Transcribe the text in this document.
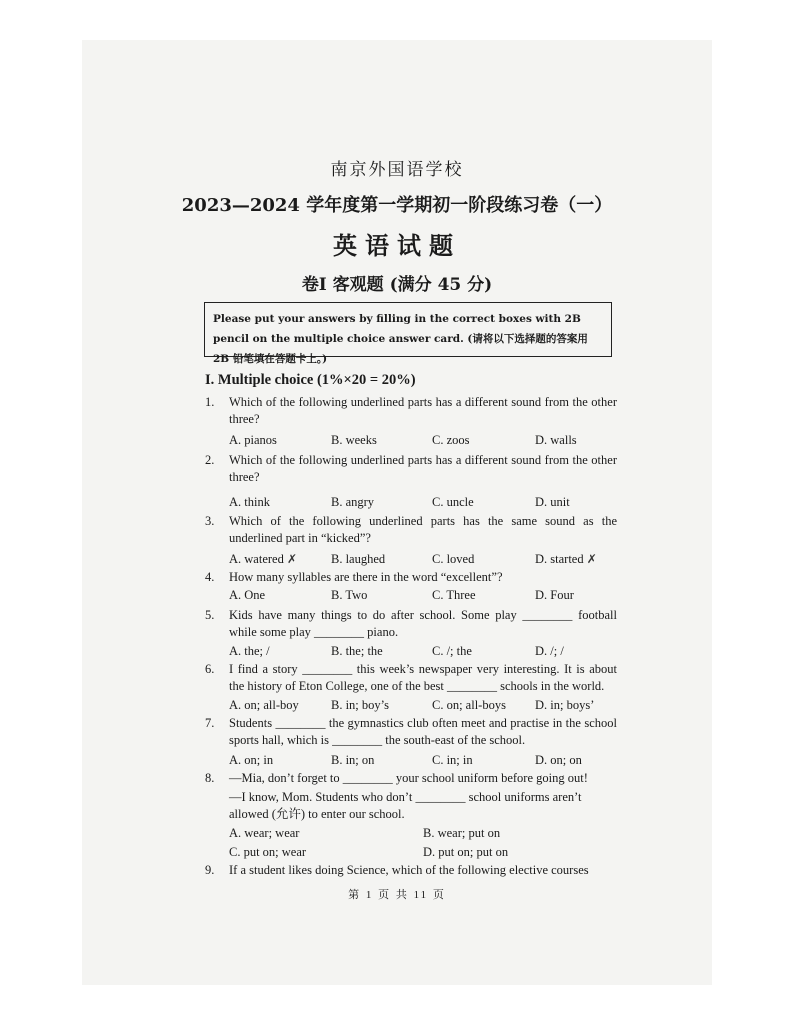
南京外国语学校
2023—2024 学年度第一学期初一阶段练习卷（一）
英语试题
卷Ⅰ 客观题 (满分 45 分)
Please put your answers by filling in the correct boxes with 2B pencil on the multiple choice answer card. (请将以下选择题的答案用 2B 铅笔填在答题卡上。)
I. Multiple choice (1%×20 = 20%)
1. Which of the following underlined parts has a different sound from the other three?
A. pianos	B. weeks	C. zoos	D. walls
2. Which of the following underlined parts has a different sound from the other three?
A. think	B. angry	C. uncle	D. unit
3. Which of the following underlined parts has the same sound as the underlined part in “kicked”?
A. watered ✗	B. laughed	C. loved	D. started ✗
4. How many syllables are there in the word “excellent”?
A. One	B. Two	C. Three	D. Four
5. Kids have many things to do after school. Some play ________ football while some play ________ piano.
A. the; /	B. the; the	C. /; the	D. /; /
6. I find a story ________ this week’s newspaper very interesting. It is about the history of Eton College, one of the best ________ schools in the world.
A. on; all-boy	B. in; boy’s	C. on; all-boys D. in; boys’
7. Students ________ the gymnastics club often meet and practise in the school sports hall, which is ________ the south-east of the school.
A. on; in	B. in; on	C. in; in	D. on; on
8. —Mia, don’t forget to ________ your school uniform before going out!
—I know, Mom. Students who don’t ________ school uniforms aren’t allowed (允许) to enter our school.
A. wear; wear	B. wear; put on
C. put on; wear	D. put on; put on
9. If a student likes doing Science, which of the following elective courses
第 1 页 共 11 页
